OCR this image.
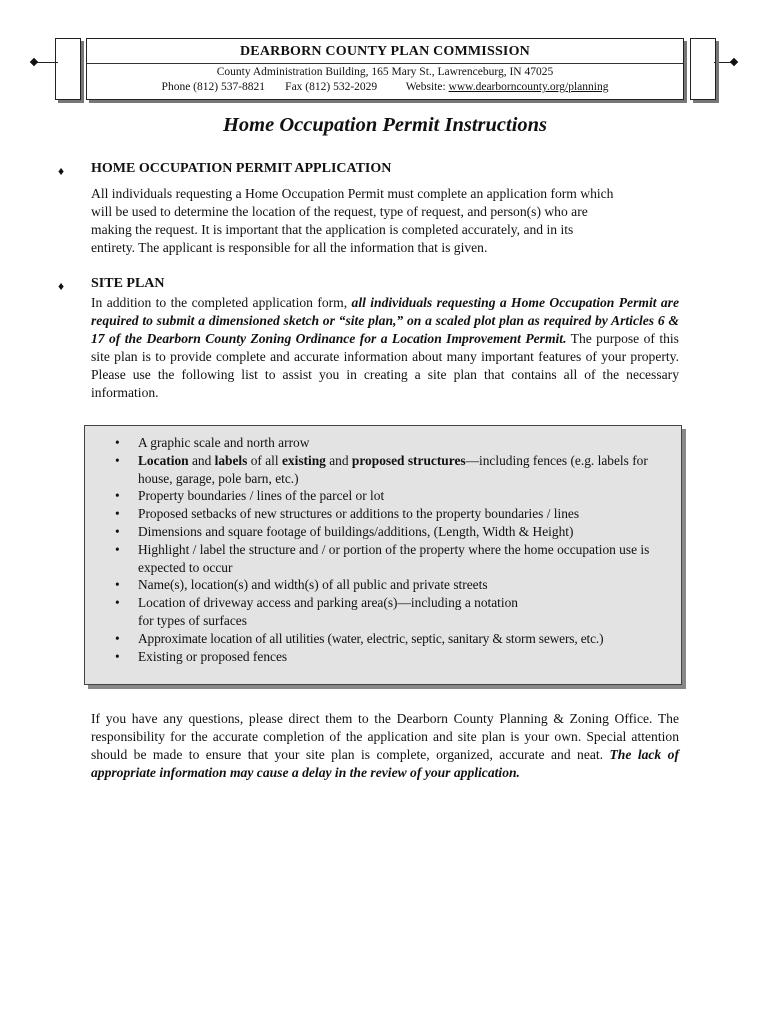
DEARBORN COUNTY PLAN COMMISSION
County Administration Building, 165 Mary St., Lawrenceburg, IN 47025
Phone (812) 537-8821 Fax (812) 532-2029 Website: www.dearborncounty.org/planning
Home Occupation Permit Instructions
♦ HOME OCCUPATION PERMIT APPLICATION
All individuals requesting a Home Occupation Permit must complete an application form which
will be used to determine the location of the request, type of request, and person(s) who are
making the request. It is important that the application is completed accurately, and in its
entirety. The applicant is responsible for all the information that is given.
♦ SITE PLAN
In addition to the completed application form, all individuals requesting a Home Occupation Permit are required to submit a dimensioned sketch or “site plan,” on a scaled plot plan as required by Articles 6 & 17 of the Dearborn County Zoning Ordinance for a Location Improvement Permit. The purpose of this site plan is to provide complete and accurate information about many important features of your property. Please use the following list to assist you in creating a site plan that contains all of the necessary information.
• A graphic scale and north arrow
• Location and labels of all existing and proposed structures—including fences (e.g. labels for house, garage, pole barn, etc.)
• Property boundaries / lines of the parcel or lot
• Proposed setbacks of new structures or additions to the property boundaries / lines
• Dimensions and square footage of buildings/additions, (Length, Width & Height)
• Highlight / label the structure and / or portion of the property where the home occupation use is expected to occur
• Name(s), location(s) and width(s) of all public and private streets
• Location of driveway access and parking area(s)—including a notation for types of surfaces
• Approximate location of all utilities (water, electric, septic, sanitary & storm sewers, etc.)
• Existing or proposed fences
If you have any questions, please direct them to the Dearborn County Planning & Zoning Office. The responsibility for the accurate completion of the application and site plan is your own. Special attention should be made to ensure that your site plan is complete, organized, accurate and neat. The lack of appropriate information may cause a delay in the review of your application.
